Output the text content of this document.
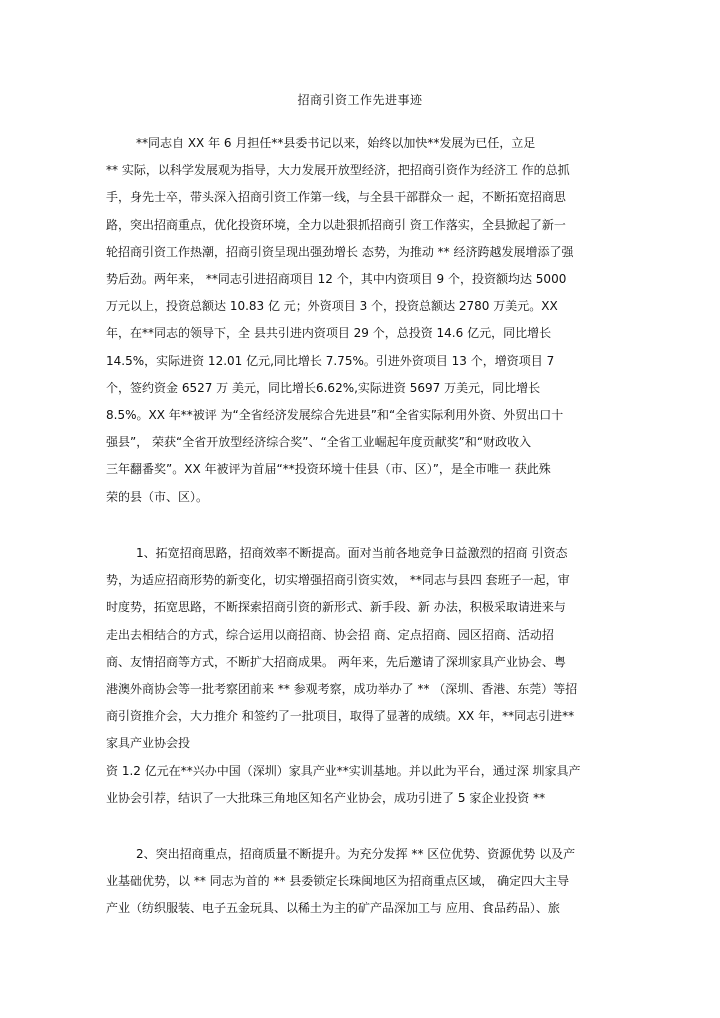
招商引资工作先进事迹
**同志自 XX 年 6 月担任**县委书记以来，始终以加快**发展为已任，立足
** 实际，以科学发展观为指导，大力发展开放型经济，把招商引资作为经济工 作的总抓
手，身先士卒，带头深入招商引资工作第一线，与全县干部群众一 起，不断拓宽招商思
路，突出招商重点，优化投资环境，全力以赴狠抓招商引 资工作落实，全县掀起了新一
轮招商引资工作热潮，招商引资呈现出强劲增长 态势，为推动 ** 经济跨越发展增添了强
势后劲。两年来， **同志引进招商项目 12 个，其中内资项目 9 个，投资额均达 5000
万元以上，投资总额达 10.83 亿 元；外资项目 3 个，投资总额达 2780 万美元。XX
年，在**同志的领导下，全 县共引进内资项目 29 个，总投资 14.6 亿元，同比增长
14.5%，实际进资 12.01 亿元,同比增长 7.75%。引进外资项目 13 个，增资项目 7
个，签约资金 6527 万 美元，同比增长6.62%,实际进资 5697 万美元，同比增长
8.5%。XX 年**被评 为“全省经济发展综合先进县”和“全省实际利用外资、外贸出口十
强县”， 荣获“全省开放型经济综合奖”、“全省工业崛起年度贡献奖”和“财政收入
三年翻番奖”。XX 年被评为首届“**投资环境十佳县（市、区）”，是全市唯一 获此殊
荣的县（市、区）。
1、拓宽招商思路，招商效率不断提高。面对当前各地竞争日益激烈的招商 引资态
势，为适应招商形势的新变化，切实增强招商引资实效， **同志与县四 套班子一起，审
时度势，拓宽思路，不断探索招商引资的新形式、新手段、新 办法，积极采取请进来与
走出去相结合的方式，综合运用以商招商、协会招 商、定点招商、园区招商、活动招
商、友情招商等方式，不断扩大招商成果。 两年来，先后邀请了深圳家具产业协会、粤
港澳外商协会等一批考察团前来 ** 参观考察，成功举办了 ** （深圳、香港、东莞）等招
商引资推介会，大力推介 和签约了一批项目，取得了显著的成绩。XX 年，**同志引进**
家具产业协会投
资 1.2 亿元在**兴办中国（深圳）家具产业**实训基地。并以此为平台，通过深 圳家具产
业协会引荐，结识了一大批珠三角地区知名产业协会，成功引进了 5 家企业投资 **
2、突出招商重点，招商质量不断提升。为充分发挥 ** 区位优势、资源优势 以及产
业基础优势，以 ** 同志为首的 ** 县委锁定长珠闽地区为招商重点区域， 确定四大主导
产业（纺织服装、电子五金玩具、以稀土为主的矿产品深加工与 应用、食品药品）、旅
